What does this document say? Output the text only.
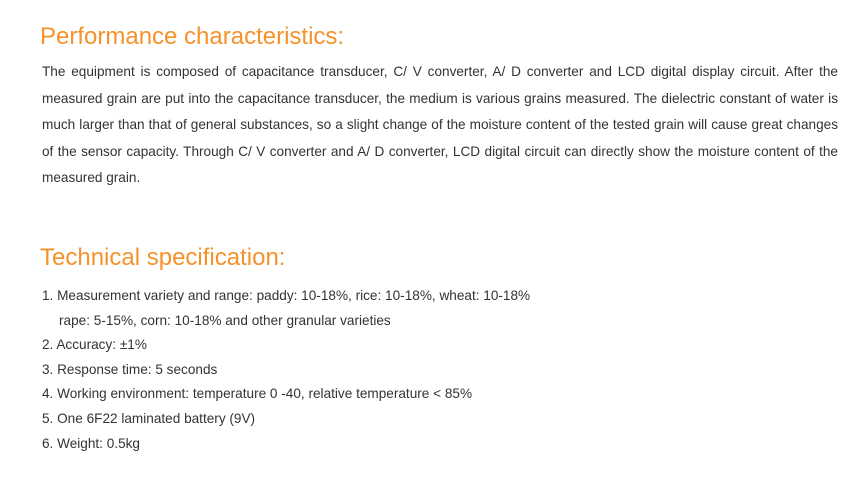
Performance characteristics:

The equipment is composed of capacitance transducer, C/ V converter, A/ D converter and LCD digital display circuit. After the measured grain are put into the capacitance transducer, the medium is various grains measured. The dielectric constant of water is much larger than that of general substances, so a slight change of the moisture content of the tested grain will cause great changes of the sensor capacity. Through C/ V converter and A/ D converter, LCD digital circuit can directly show the moisture content of the measured grain.

Technical specification:
1. Measurement variety and range: paddy: 10-18%, rice: 10-18%, wheat: 10-18%
rape: 5-15%, corn: 10-18% and other granular varieties
2. Accuracy: ±1%
3. Response time: 5 seconds
4. Working environment: temperature 0 -40, relative temperature < 85%
5. One 6F22 laminated battery (9V)
6. Weight: 0.5kg
